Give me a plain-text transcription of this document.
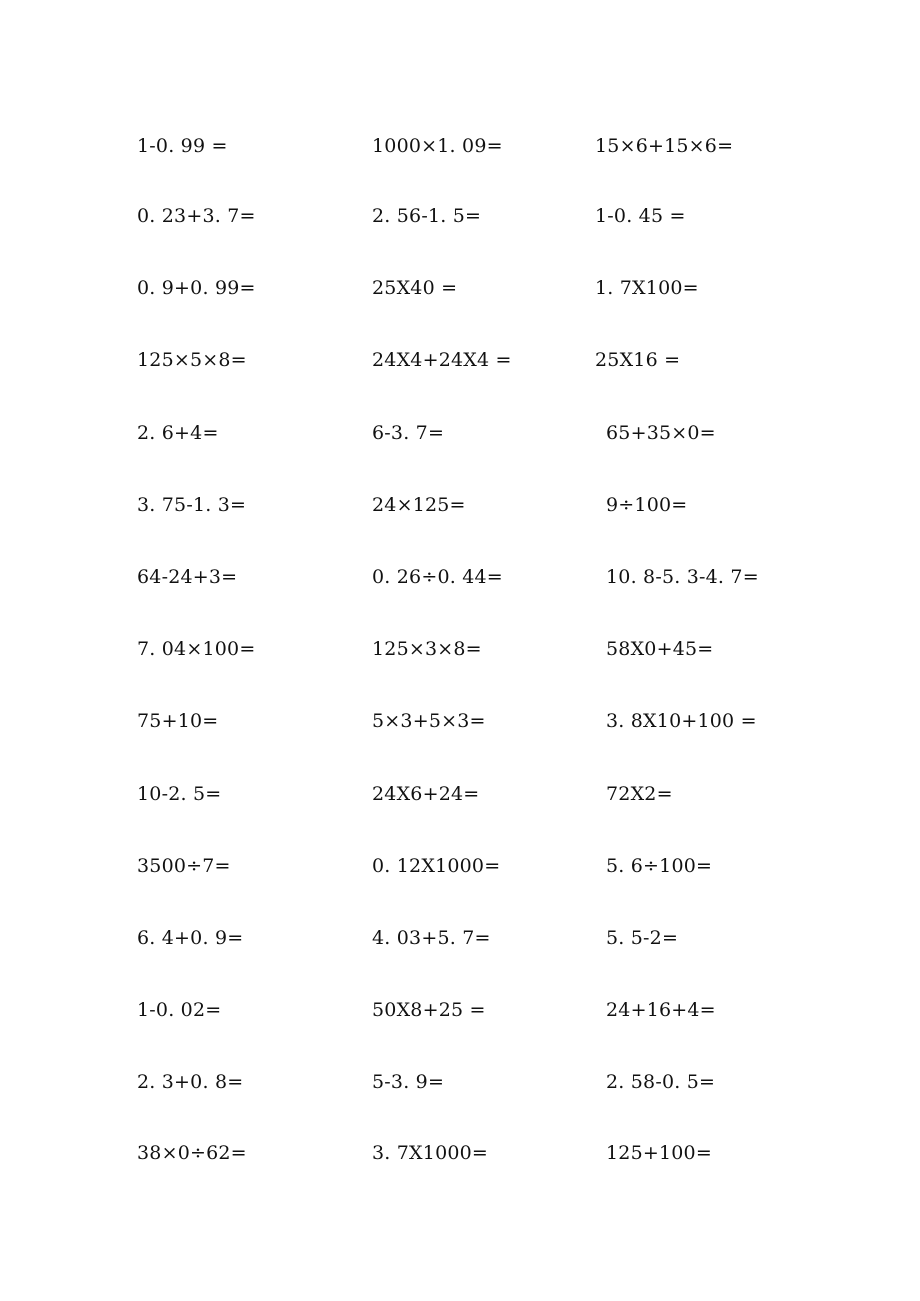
1-0. 99 =	1000×1. 09=	15×6+15×6=
0. 23+3. 7=	2. 56-1. 5=	1-0. 45 =
0. 9+0. 99=	25X40 =	1. 7X100=
125×5×8=	24X4+24X4 =	25X16 =
2. 6+4=	6-3. 7=	65+35×0=
3. 75-1. 3=	24×125=	9÷100=
64-24+3=	0. 26÷0. 44=	10. 8-5. 3-4. 7=
7. 04×100=	125×3×8=	58X0+45=
75+10=	5×3+5×3=	3. 8X10+100 =
10-2. 5=	24X6+24=	72X2=
3500÷7=	0. 12X1000=	5. 6÷100=
6. 4+0. 9=	4. 03+5. 7=	5. 5-2=
1-0. 02=	50X8+25 =	24+16+4=
2. 3+0. 8=	5-3. 9=	2. 58-0. 5=
38×0÷62=	3. 7X1000=	125+100=
